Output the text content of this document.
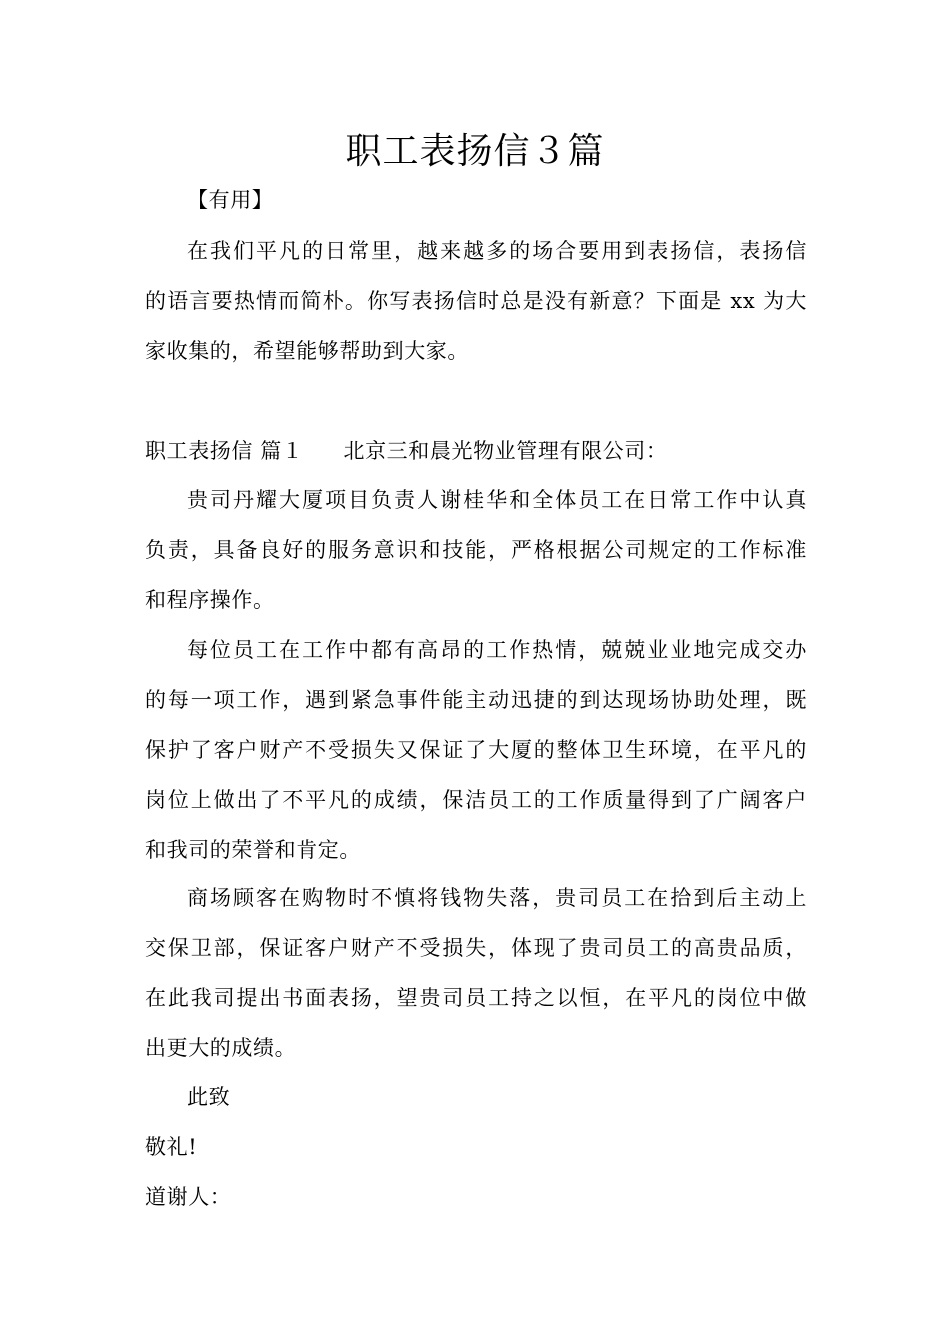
职工表扬信３篇
【有用】
在我们平凡的日常里，越来越多的场合要用到表扬信，表扬信
的语言要热情而简朴。你写表扬信时总是没有新意？下面是 xx 为大
家收集的，希望能够帮助到大家。
职工表扬信 篇１ 北京三和晨光物业管理有限公司：
贵司丹耀大厦项目负责人谢桂华和全体员工在日常工作中认真
负责，具备良好的服务意识和技能，严格根据公司规定的工作标准
和程序操作。
每位员工在工作中都有高昂的工作热情，兢兢业业地完成交办
的每一项工作，遇到紧急事件能主动迅捷的到达现场协助处理，既
保护了客户财产不受损失又保证了大厦的整体卫生环境，在平凡的
岗位上做出了不平凡的成绩，保洁员工的工作质量得到了广阔客户
和我司的荣誉和肯定。
商场顾客在购物时不慎将钱物失落，贵司员工在拾到后主动上
交保卫部，保证客户财产不受损失，体现了贵司员工的高贵品质，
在此我司提出书面表扬，望贵司员工持之以恒，在平凡的岗位中做
出更大的成绩。
此致
敬礼!
道谢人：
